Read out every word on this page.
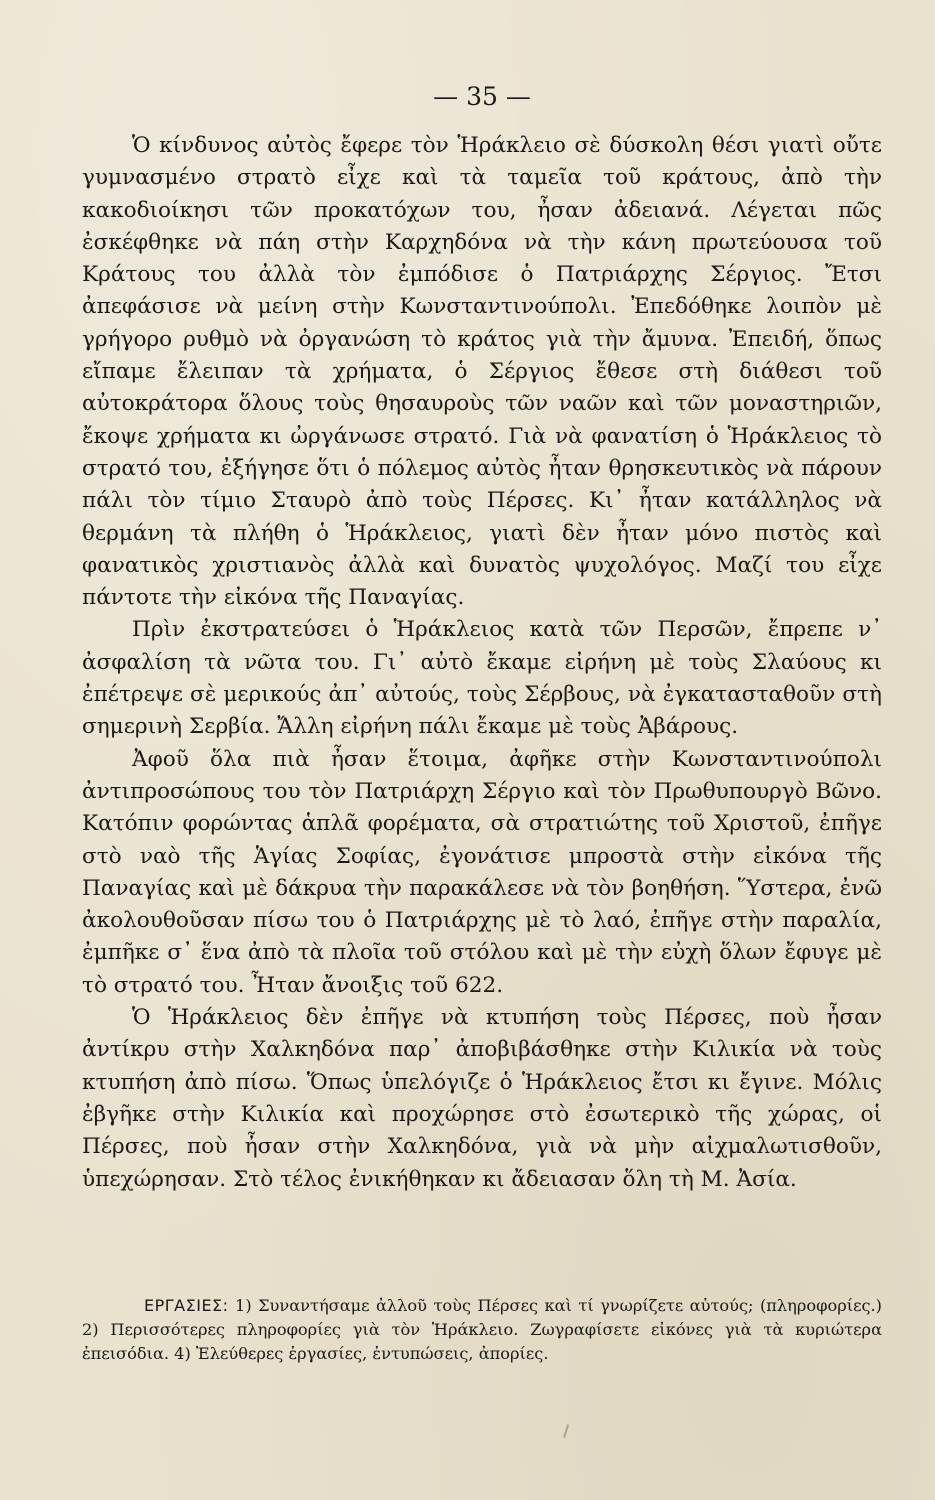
— 35 —

Ὁ κίνδυνος αὐτὸς ἔφερε τὸν Ἡράκλειο σὲ δύσκολη θέσι γιατὶ οὔτε γυμνασμένο στρατὸ εἶχε καὶ τὰ ταμεῖα τοῦ κράτους, ἀπὸ τὴν κακοδιοίκησι τῶν προκατόχων του, ἦσαν ἀδειανά. Λέγεται πῶς ἐσκέφθηκε νὰ πάη στὴν Καρχηδόνα νὰ τὴν κάνη πρωτεύουσα τοῦ Κράτους του ἀλλὰ τὸν ἐμπόδισε ὁ Πατριάρχης Σέργιος. Ἔτσι ἀπεφάσισε νὰ μείνη στὴν Κωνσταντινούπολι. Ἐπεδόθηκε λοιπὸν μὲ γρήγορο ρυθμὸ νὰ ὀργανώση τὸ κράτος γιὰ τὴν ἄμυνα. Ἐπειδή, ὅπως εἴπαμε ἔλειπαν τὰ χρήματα, ὁ Σέργιος ἔθεσε στὴ διάθεσι τοῦ αὐτοκράτορα ὅλους τοὺς θησαυροὺς τῶν ναῶν καὶ τῶν μοναστηριῶν, ἔκοψε χρήματα κι ὠργάνωσε στρατό. Γιὰ νὰ φανατίση ὁ Ἡράκλειος τὸ στρατό του, ἐξήγησε ὅτι ὁ πόλεμος αὐτὸς ἦταν θρησκευτικὸς νὰ πάρουν πάλι τὸν τίμιο Σταυρὸ ἀπὸ τοὺς Πέρσες. Κι᾿ ἦταν κατάλληλος νὰ θερμάνη τὰ πλήθη ὁ Ἡράκλειος, γιατὶ δὲν ἦταν μόνο πιστὸς καὶ φανατικὸς χριστιανὸς ἀλλὰ καὶ δυνατὸς ψυχολόγος. Μαζί του εἶχε πάντοτε τὴν εἰκόνα τῆς Παναγίας.

Πρὶν ἐκστρατεύσει ὁ Ἡράκλειος κατὰ τῶν Περσῶν, ἔπρεπε ν᾿ ἀσφαλίση τὰ νῶτα του. Γι᾿ αὐτὸ ἔκαμε εἰρήνη μὲ τοὺς Σλαύους κι ἐπέτρεψε σὲ μερικούς ἀπ᾿ αὐτούς, τοὺς Σέρβους, νὰ ἐγκατασταθοῦν στὴ σημερινὴ Σερβία. Ἄλλη εἰρήνη πάλι ἔκαμε μὲ τοὺς Ἀβάρους.

Ἀφοῦ ὅλα πιὰ ἦσαν ἕτοιμα, ἀφῆκε στὴν Κωνσταντινούπολι ἀντιπροσώπους του τὸν Πατριάρχη Σέργιο καὶ τὸν Πρωθυπουργὸ Βῶνο. Κατόπιν φορώντας ἁπλᾶ φορέματα, σὰ στρατιώτης τοῦ Χριστοῦ, ἐπῆγε στὸ ναὸ τῆς Ἁγίας Σοφίας, ἐγονάτισε μπροστὰ στὴν εἰκόνα τῆς Παναγίας καὶ μὲ δάκρυα τὴν παρακάλεσε νὰ τὸν βοηθήση. Ὕστερα, ἐνῶ ἀκολουθοῦσαν πίσω του ὁ Πατριάρχης μὲ τὸ λαό, ἐπῆγε στὴν παραλία, ἐμπῆκε σ᾿ ἕνα ἀπὸ τὰ πλοῖα τοῦ στόλου καὶ μὲ τὴν εὐχὴ ὅλων ἔφυγε μὲ τὸ στρατό του. Ἦταν ἄνοιξις τοῦ 622.

Ὁ Ἡράκλειος δὲν ἐπῆγε νὰ κτυπήση τοὺς Πέρσες, ποὺ ἦσαν ἀντίκρυ στὴν Χαλκηδόνα παρ᾿ ἀποβιβάσθηκε στὴν Κιλικία νὰ τοὺς κτυπήση ἀπὸ πίσω. Ὅπως ὑπελόγιζε ὁ Ἡράκλειος ἔτσι κι ἔγινε. Μόλις ἐβγῆκε στὴν Κιλικία καὶ προχώρησε στὸ ἐσωτερικὸ τῆς χώρας, οἱ Πέρσες, ποὺ ἦσαν στὴν Χαλκηδόνα, γιὰ νὰ μὴν αἰχμαλωτισθοῦν, ὑπεχώρησαν. Στὸ τέλος ἐνικήθηκαν κι ἄδειασαν ὅλη τὴ Μ. Ἀσία.

ΕΡΓΑΣΙΕΣ: 1) Συναντήσαμε ἀλλοῦ τοὺς Πέρσες καὶ τί γνωρίζετε αὐτούς; (πληροφορίες.) 2) Περισσότερες πληροφορίες γιὰ τὸν Ἡράκλειο. Ζωγραφίσετε εἰκόνες γιὰ τὰ κυριώτερα ἐπεισόδια. 4) Ἐλεύθερες ἐργασίες, ἐντυπώσεις, ἀπορίες.
